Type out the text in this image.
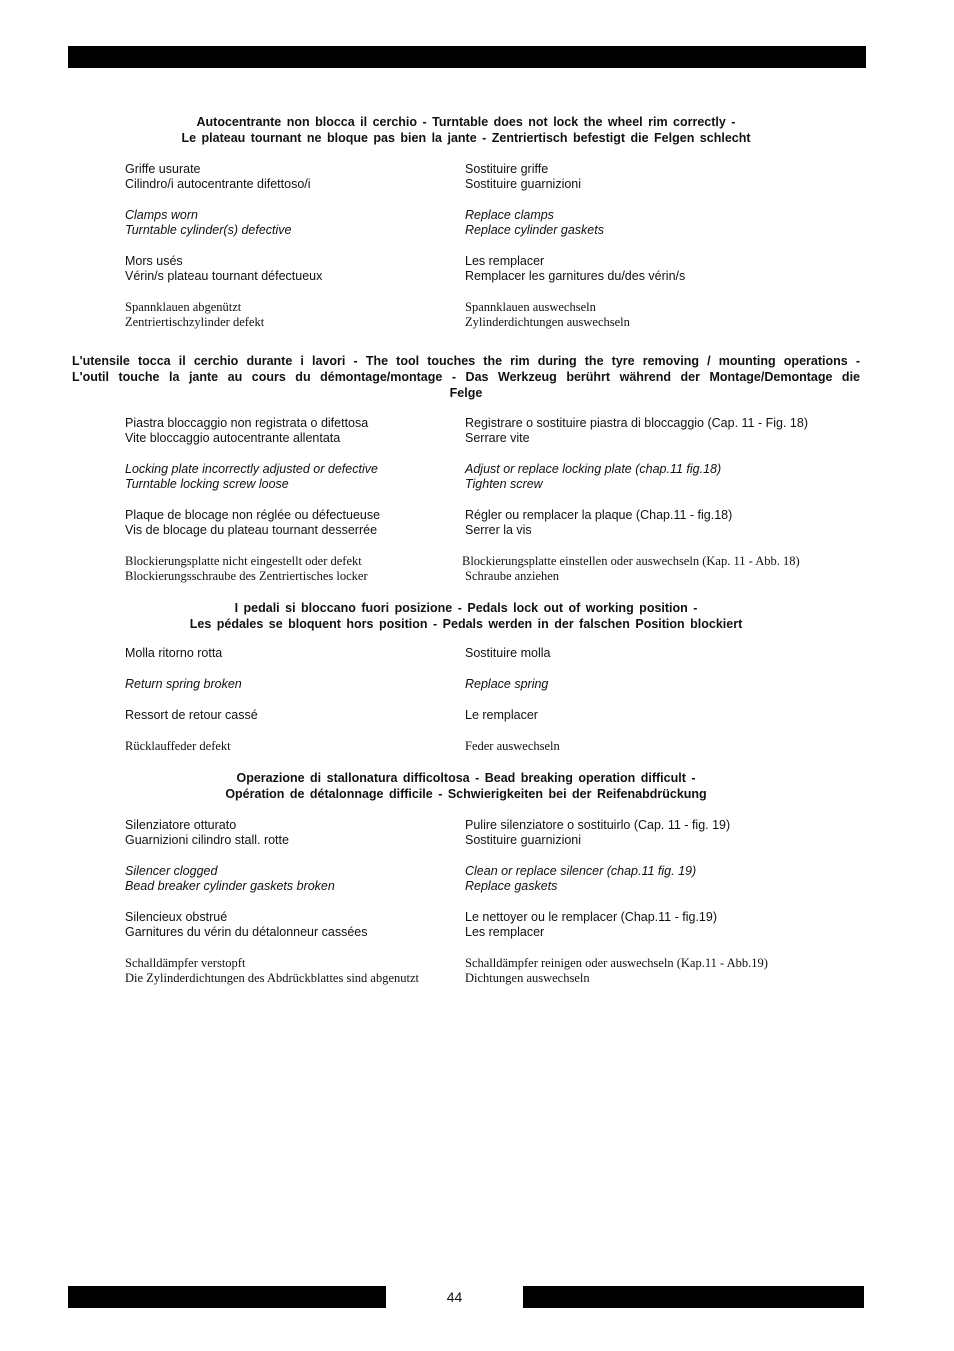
Autocentrante non blocca il cerchio - Turntable does not lock the wheel rim correctly -
Le plateau tournant ne bloque pas bien la jante - Zentriertisch befestigt die Felgen schlecht
Griffe usurate	Sostituire griffe
Cilindro/i autocentrante difettoso/i	Sostituire guarnizioni
Clamps worn	Replace clamps
Turntable cylinder(s) defective	Replace cylinder gaskets
Mors usés	Les remplacer
Vérin/s plateau tournant défectueux	Remplacer les garnitures du/des vérin/s
Spannklauen abgenützt	Spannklauen auswechseln
Zentriertischzylinder defekt	Zylinderdichtungen auswechseln
L'utensile tocca il cerchio durante i lavori - The tool touches the rim during the tyre removing / mounting operations -
L'outil touche la jante au cours du démontage/montage - Das Werkzeug berührt während der Montage/Demontage die
Felge
Piastra bloccaggio non registrata o difettosa	Registrare o sostituire piastra di bloccaggio (Cap. 11 - Fig. 18)
Vite bloccaggio autocentrante allentata	Serrare vite
Locking plate incorrectly adjusted or defective	Adjust or replace locking plate (chap.11 fig.18)
Turntable locking screw loose	Tighten screw
Plaque de blocage non réglée ou défectueuse	Régler ou remplacer la plaque (Chap.11 - fig.18)
Vis de blocage du plateau tournant desserrée	Serrer la vis
Blockierungsplatte nicht eingestellt oder defekt	Blockierungsplatte einstellen oder auswechseln (Kap. 11 - Abb. 18)
Blockierungsschraube des Zentriertisches locker	Schraube anziehen
I pedali si bloccano fuori posizione - Pedals lock out of working position -
Les pédales se bloquent hors position - Pedals werden in der falschen Position blockiert
Molla ritorno rotta	Sostituire molla
Return spring broken	Replace spring
Ressort de retour cassé	Le remplacer
Rücklauffeder defekt	Feder auswechseln
Operazione di stallonatura difficoltosa - Bead breaking operation difficult -
Opération de détalonnage difficile - Schwierigkeiten bei der Reifenabdrückung
Silenziatore otturato	Pulire silenziatore o sostituirlo (Cap. 11 - fig. 19)
Guarnizioni cilindro stall. rotte	Sostituire guarnizioni
Silencer clogged	Clean or replace silencer (chap.11 fig. 19)
Bead breaker cylinder gaskets broken	Replace gaskets
Silencieux obstrué	Le nettoyer ou le remplacer (Chap.11 - fig.19)
Garnitures du vérin du détalonneur cassées	Les remplacer
Schalldämpfer verstopft	Schalldämpfer reinigen oder auswechseln (Kap.11 - Abb.19)
Die Zylinderdichtungen des Abdrückblattes sind abgenutzt	Dichtungen auswechseln
44
